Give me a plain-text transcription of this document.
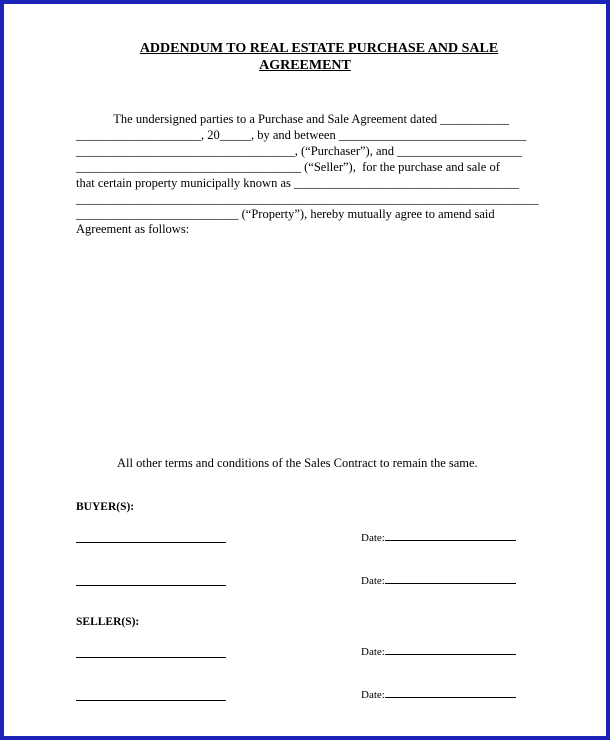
ADDENDUM TO REAL ESTATE PURCHASE AND SALE
AGREEMENT
The undersigned parties to a Purchase and Sale Agreement dated ___________
____________________, 20_____, by and between ______________________________
___________________________________, (“Purchaser”), and ____________________
____________________________________ (“Seller”),  for the purchase and sale of
that certain property municipally known as ____________________________________
__________________________________________________________________________
__________________________ (“Property”), hereby mutually agree to amend said
Agreement as follows:
All other terms and conditions of the Sales Contract to remain the same.
BUYER(S):
Date:
Date:
SELLER(S):
Date:
Date:
